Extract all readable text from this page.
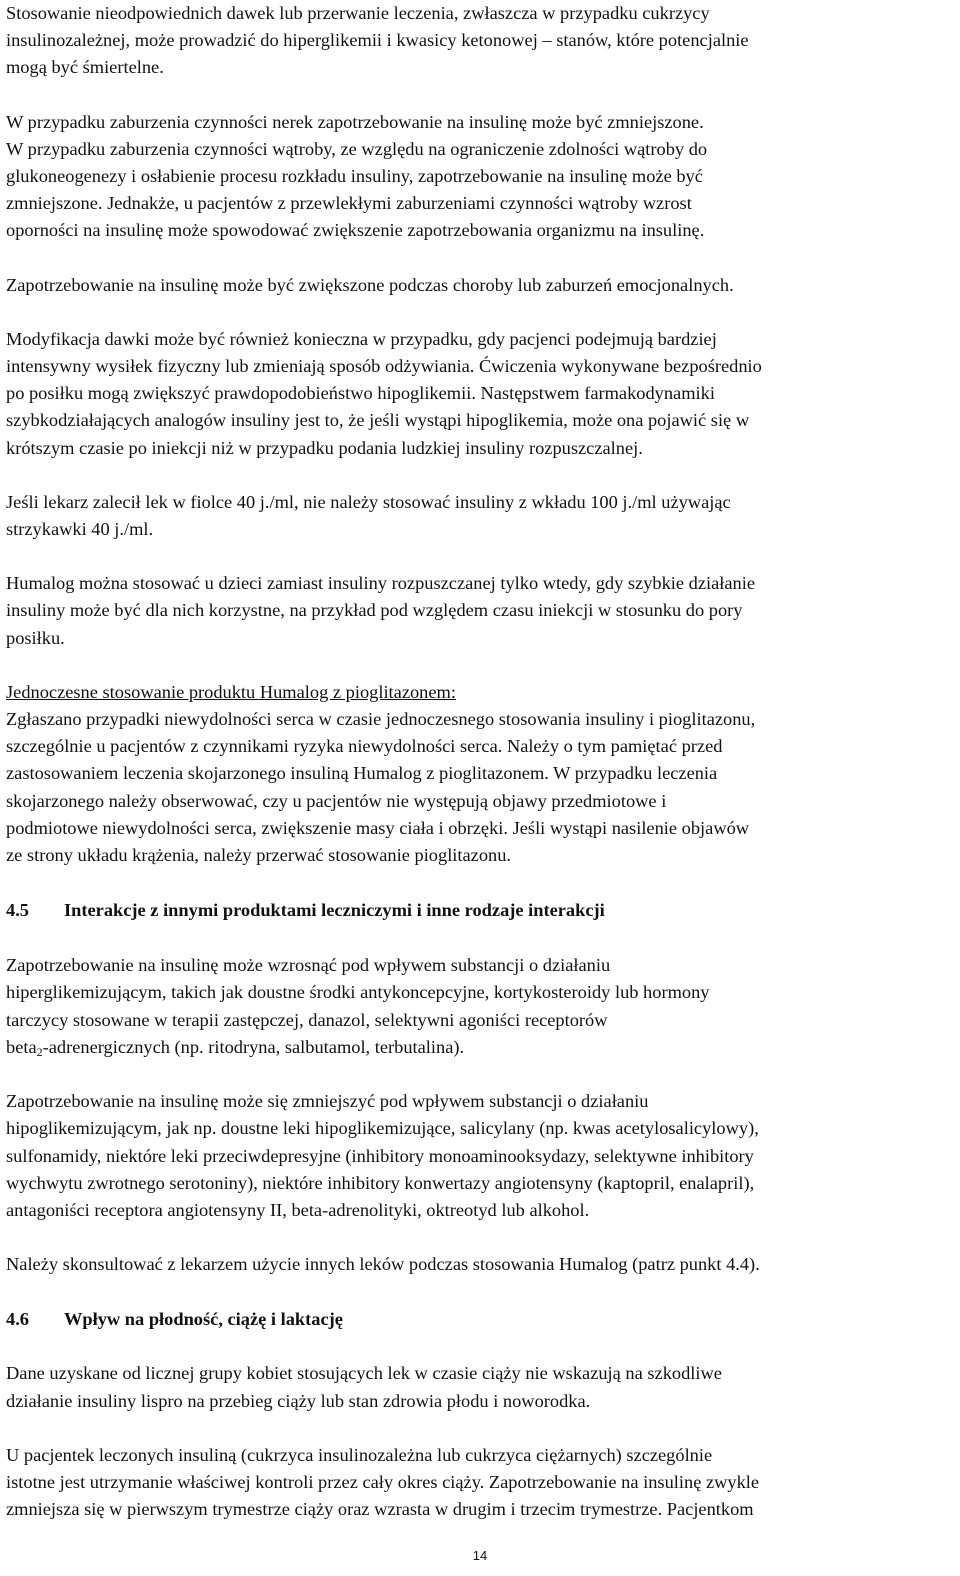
Stosowanie nieodpowiednich dawek lub przerwanie leczenia, zwłaszcza w przypadku cukrzycy
insulinozależnej, może prowadzić do hiperglikemii i kwasicy ketonowej – stanów, które potencjalnie
mogą być śmiertelne.

W przypadku zaburzenia czynności nerek zapotrzebowanie na insulinę może być zmniejszone.
W przypadku zaburzenia czynności wątroby, ze względu na ograniczenie zdolności wątroby do
glukoneogenezy i osłabienie procesu rozkładu insuliny, zapotrzebowanie na insulinę może być
zmniejszone. Jednakże, u pacjentów z przewlekłymi zaburzeniami czynności wątroby wzrost
oporności na insulinę może spowodować zwiększenie zapotrzebowania organizmu na insulinę.

Zapotrzebowanie na insulinę może być zwiększone podczas choroby lub zaburzeń emocjonalnych.

Modyfikacja dawki może być również konieczna w przypadku, gdy pacjenci podejmują bardziej
intensywny wysiłek fizyczny lub zmieniają sposób odżywiania. Ćwiczenia wykonywane bezpośrednio
po posiłku mogą zwiększyć prawdopodobieństwo hipoglikemii. Następstwem farmakodynamiki
szybkodziałających analogów insuliny jest to, że jeśli wystąpi hipoglikemia, może ona pojawić się w
krótszym czasie po iniekcji niż w przypadku podania ludzkiej insuliny rozpuszczalnej.

Jeśli lekarz zalecił lek w fiolce 40 j./ml, nie należy stosować insuliny z wkładu 100 j./ml używając
strzykawki 40 j./ml.

Humalog można stosować u dzieci zamiast insuliny rozpuszczanej tylko wtedy, gdy szybkie działanie
insuliny może być dla nich korzystne, na przykład pod względem czasu iniekcji w stosunku do pory
posiłku.

Jednoczesne stosowanie produktu Humalog z pioglitazonem:
Zgłaszano przypadki niewydolności serca w czasie jednoczesnego stosowania insuliny i pioglitazonu,
szczególnie u pacjentów z czynnikami ryzyka niewydolności serca. Należy o tym pamiętać przed
zastosowaniem leczenia skojarzonego insuliną Humalog z pioglitazonem. W przypadku leczenia
skojarzonego należy obserwować, czy u pacjentów nie występują objawy przedmiotowe i
podmiotowe niewydolności serca, zwiększenie masy ciała i obrzęki. Jeśli wystąpi nasilenie objawów
ze strony układu krążenia, należy przerwać stosowanie pioglitazonu.

4.5 Interakcje z innymi produktami leczniczymi i inne rodzaje interakcji

Zapotrzebowanie na insulinę może wzrosnąć pod wpływem substancji o działaniu
hiperglikemizującym, takich jak doustne środki antykoncepcyjne, kortykosteroidy lub hormony
tarczycy stosowane w terapii zastępczej, danazol, selektywni agoniści receptorów
beta$_2$-adrenergicznych (np. ritodryna, salbutamol, terbutalina).

Zapotrzebowanie na insulinę może się zmniejszyć pod wpływem substancji o działaniu
hipoglikemizującym, jak np. doustne leki hipoglikemizujące, salicylany (np. kwas acetylosalicylowy),
sulfonamidy, niektóre leki przeciwdepresyjne (inhibitory monoaminooksydazy, selektywne inhibitory
wychwytu zwrotnego serotoniny), niektóre inhibitory konwertazy angiotensyny (kaptopril, enalapril),
antagoniści receptora angiotensyny II, beta-adrenolityki, oktreotyd lub alkohol.

Należy skonsultować z lekarzem użycie innych leków podczas stosowania Humalog (patrz punkt 4.4).

4.6 Wpływ na płodność, ciążę i laktację

Dane uzyskane od licznej grupy kobiet stosujących lek w czasie ciąży nie wskazują na szkodliwe
działanie insuliny lispro na przebieg ciąży lub stan zdrowia płodu i noworodka.

U pacjentek leczonych insuliną (cukrzyca insulinozależna lub cukrzyca ciężarnych) szczególnie
istotne jest utrzymanie właściwej kontroli przez cały okres ciąży. Zapotrzebowanie na insulinę zwykle
zmniejsza się w pierwszym trymestrze ciąży oraz wzrasta w drugim i trzecim trymestrze. Pacjentkom

14
